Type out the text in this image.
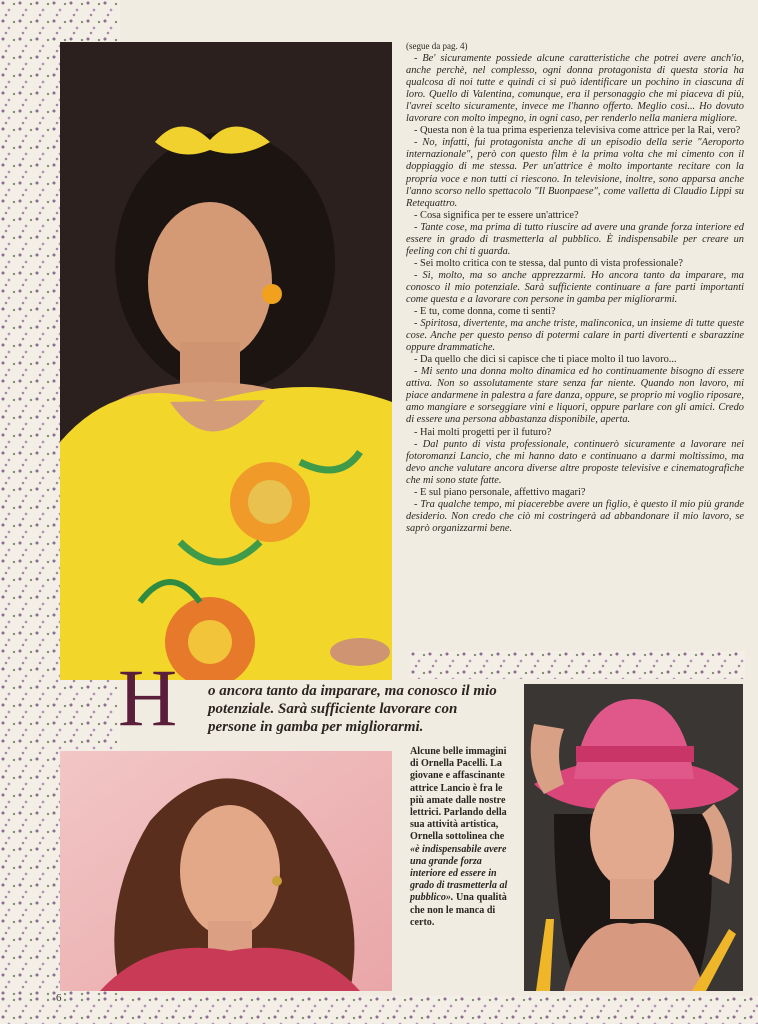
(segue da pag. 4)

- Be' sicuramente possiede alcune caratteristiche che potrei avere anch'io, anche perchè, nel complesso, ogni donna protagonista di questa storia ha qualcosa di noi tutte e quindi ci si può identificare un pochino in ciascuna di loro. Quello di Valentina, comunque, era il personaggio che mi piaceva di più, l'avrei scelto sicuramente, invece me l'hanno offerto. Meglio così... Ho dovuto lavorare con molto impegno, in ogni caso, per renderlo nella maniera migliore.

- Questa non è la tua prima esperienza televisiva come attrice per la Rai, vero?

- No, infatti, fui protagonista anche di un episodio della serie "Aeroporto internazionale", però con questo film è la prima volta che mi cimento con il doppiaggio di me stessa. Per un'attrice è molto importante recitare con la propria voce e non tutti ci riescono. In televisione, inoltre, sono apparsa anche l'anno scorso nello spettacolo "Il Buonpaese", come valletta di Claudio Lippi su Retequattro.

- Cosa significa per te essere un'attrice?

- Tante cose, ma prima di tutto riuscire ad avere una grande forza interiore ed essere in grado di trasmetterla al pubblico. È indispensabile per creare un feeling con chi ti guarda.

- Sei molto critica con te stessa, dal punto di vista professionale?

- Sì, molto, ma so anche apprezzarmi. Ho ancora tanto da imparare, ma conosco il mio potenziale. Sarà sufficiente continuare a fare parti importanti come questa e a lavorare con persone in gamba per migliorarmi.

- E tu, come donna, come ti senti?

- Spiritosa, divertente, ma anche triste, malinconica, un insieme di tutte queste cose. Anche per questo penso di potermi calare in parti divertenti e sbarazzine oppure drammatiche.

- Da quello che dici si capisce che ti piace molto il tuo lavoro...

- Mi sento una donna molto dinamica ed ho continuamente bisogno di essere attiva. Non so assolutamente stare senza far niente. Quando non lavoro, mi piace andarmene in palestra a fare danza, oppure, se proprio mi voglio riposare, amo mangiare e sorseggiare vini e liquori, oppure parlare con gli amici. Credo di essere una persona abbastanza disponibile, aperta.

- Hai molti progetti per il futuro?

- Dal punto di vista professionale, continuerò sicuramente a lavorare nei fotoromanzi Lancio, che mi hanno dato e continuano a darmi moltissimo, ma devo anche valutare ancora diverse altre proposte televisive e cinematografiche che mi sono state fatte.

- E sul piano personale, affettivo magari?

- Tra qualche tempo, mi piacerebbe avere un figlio, è questo il mio più grande desiderio. Non credo che ciò mi costringerà ad abbandonare il mio lavoro, se saprò organizzarmi bene.

H o ancora tanto da imparare, ma conosco il mio potenziale. Sarà sufficiente lavorare con persone in gamba per migliorarmi.
Alcune belle immagini di Ornella Pacelli. La giovane e affascinante attrice Lancio è fra le più amate dalle nostre lettrici. Parlando della sua attività artistica, Ornella sottolinea che «è indispensabile avere una grande forza interiore ed essere in grado di trasmetterla al pubblico». Una qualità che non le manca di certo.
6
